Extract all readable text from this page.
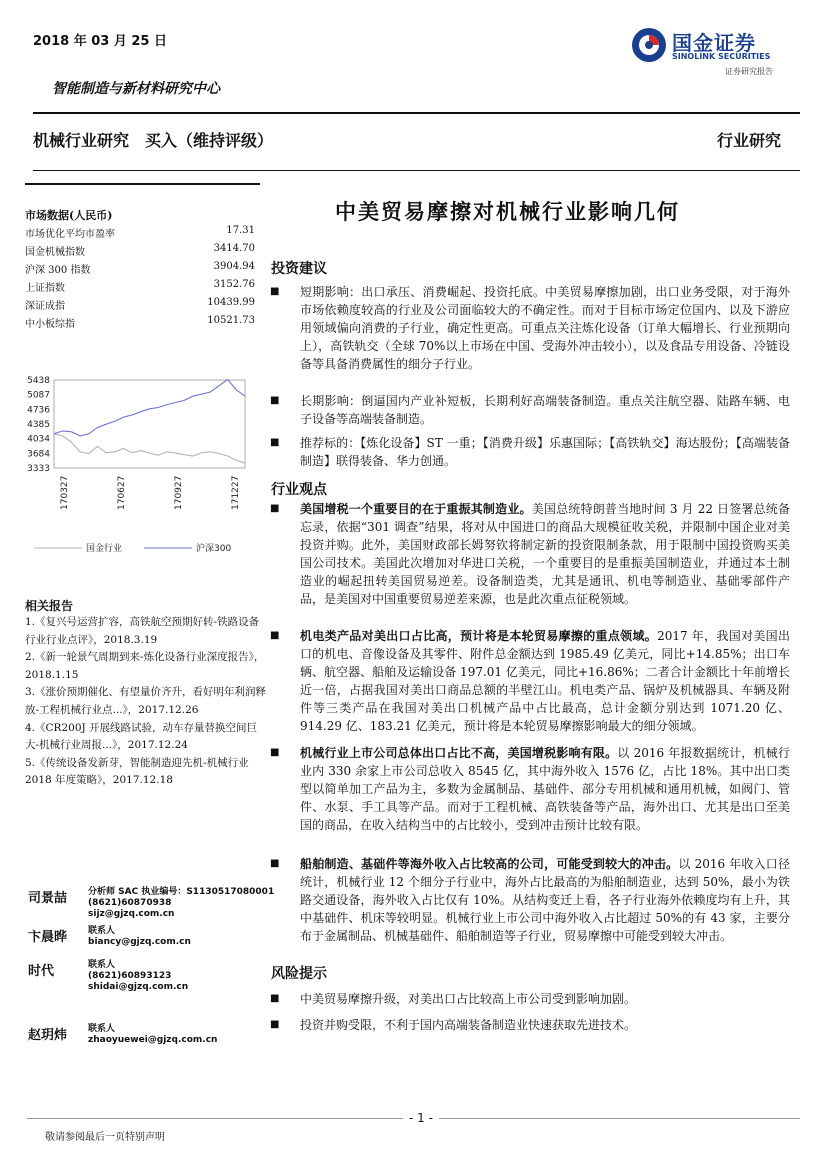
2018 年 03 月 25 日	国金证券
SINOLINK SECURITIES
证券研究报告
智能制造与新材料研究中心
机械行业研究　买入（维持评级）	行业研究
市场数据(人民币)
市场优化平均市盈率	17.31
国金机械指数	3414.70
沪深 300 指数	3904.94
上证指数	3152.76
深证成指	10439.99
中小板综指	10521.73
5438
5087
4736
4385
4034
3684
3333
170327	170627	170927	171227
国金行业	沪深300
相关报告
1.《复兴号运营扩容，高铁航空预期好转-铁路设备行业行业点评》，2018.3.19
2.《新一轮景气周期到来-炼化设备行业深度报告》，2018.1.15
3.《涨价预期催化、有望量价齐升，看好明年利润释放-工程机械行业点...》，2017.12.26
4.《CR200J 开展线路试验，动车存量替换空间巨大-机械行业周报...》，2017.12.24
5.《传统设备发新芽，智能制造迎先机-机械行业 2018 年度策略》，2017.12.18
司景喆 分析师 SAC 执业编号：S1130517080001
(8621)60870938
sijz@gjzq.com.cn
卞晨晔 联系人
biancy@gjzq.com.cn
时代	联系人
(8621)60893123
shidai@gjzq.com.cn
赵玥炜 联系人
zhaoyuewei@gjzq.com.cn
中美贸易摩擦对机械行业影响几何
投资建议
■ 短期影响：出口承压、消费崛起、投资托底。中美贸易摩擦加剧，出口业务受限，对于海外市场依赖度较高的行业及公司面临较大的不确定性。而对于目标市场定位国内、以及下游应用领域偏向消费的子行业，确定性更高。可重点关注炼化设备（订单大幅增长、行业预期向上），高铁轨交（全球 70%以上市场在中国、受海外冲击较小），以及食品专用设备、冷链设备等具备消费属性的细分子行业。
■ 长期影响：倒逼国内产业补短板，长期利好高端装备制造。重点关注航空器、陆路车辆、电子设备等高端装备制造。
■ 推荐标的：【炼化设备】ST 一重；【消费升级】乐惠国际；【高铁轨交】海达股份；【高端装备制造】联得装备、华力创通。
行业观点
■ 美国增税一个重要目的在于重振其制造业。美国总统特朗普当地时间 3 月 22 日签署总统备忘录，依据“301 调查”结果，将对从中国进口的商品大规模征收关税，并限制中国企业对美投资并购。此外，美国财政部长姆努钦将制定新的投资限制条款，用于限制中国投资购买美国公司技术。美国此次增加对华进口关税，一个重要目的是重振美国制造业，并通过本土制造业的崛起扭转美国贸易逆差。设备制造类，尤其是通讯、机电等制造业、基础零部件产品，是美国对中国重要贸易逆差来源，也是此次重点征税领域。
■ 机电类产品对美出口占比高，预计将是本轮贸易摩擦的重点领域。2017 年，我国对美国出口的机电、音像设备及其零件、附件总金额达到 1985.49 亿美元，同比+14.85%；出口车辆、航空器、船舶及运输设备 197.01 亿美元，同比+16.86%；二者合计金额比十年前增长近一倍，占据我国对美出口商品总额的半壁江山。机电类产品、锅炉及机械器具、车辆及附件等三类产品在我国对美出口机械产品中占比最高，总计金额分别达到 1071.20 亿、914.29 亿、183.21 亿美元，预计将是本轮贸易摩擦影响最大的细分领域。
■ 机械行业上市公司总体出口占比不高，美国增税影响有限。以 2016 年报数据统计，机械行业内 330 余家上市公司总收入 8545 亿，其中海外收入 1576 亿，占比 18%。其中出口类型以简单加工产品为主，多数为金属制品、基础件、部分专用机械和通用机械，如阀门、管件、水泵、手工具等产品。而对于工程机械、高铁装备等产品，海外出口、尤其是出口至美国的商品，在收入结构当中的占比较小，受到冲击预计比较有限。
■ 船舶制造、基础件等海外收入占比较高的公司，可能受到较大的冲击。以 2016 年收入口径统计，机械行业 12 个细分子行业中，海外占比最高的为船舶制造业，达到 50%，最小为铁路交通设备，海外收入占比仅有 10%。从结构变迁上看，各子行业海外依赖度均有上升，其中基础件、机床等较明显。机械行业上市公司中海外收入占比超过 50%的有 43 家，主要分布于金属制品、机械基础件、船舶制造等子行业，贸易摩擦中可能受到较大冲击。
风险提示
■ 中美贸易摩擦升级，对美出口占比较高上市公司受到影响加剧。
■ 投资并购受限，不利于国内高端装备制造业快速获取先进技术。
- 1 -
敬请参阅最后一页特别声明
